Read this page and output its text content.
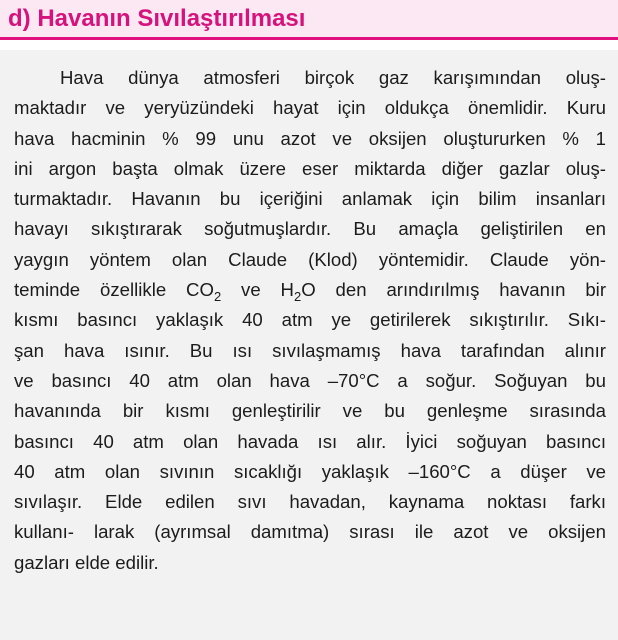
d) Havanın Sıvılaştırılması

Hava dünya atmosferi birçok gaz karışımından oluş-
maktadır ve yeryüzündeki hayat için oldukça önemlidir. Kuru
hava hacminin % 99 unu azot ve oksijen oluştururken % 1
ini argon başta olmak üzere eser miktarda diğer gazlar oluş-
turmaktadır. Havanın bu içeriğini anlamak için bilim insanları
havayı sıkıştırarak soğutmuşlardır. Bu amaçla geliştirilen en
yaygın yöntem olan Claude (Klod) yöntemidir. Claude yön-
teminde özellikle $CO_2$ ve $H_2O$ den arındırılmış havanın bir
kısmı basıncı yaklaşık 40 atm ye getirilerek sıkıştırılır. Sıkı-
şan hava ısınır. Bu ısı sıvılaşmamış hava tarafından alınır
ve basıncı 40 atm olan hava –70°C a soğur. Soğuyan bu
havanında bir kısmı genleştirilir ve bu genleşme sırasında
basıncı 40 atm olan havada ısı alır. İyici soğuyan basıncı
40 atm olan sıvının sıcaklığı yaklaşık –160°C a düşer ve
sıvılaşır. Elde edilen sıvı havadan, kaynama noktası farkı
kullanı- larak (ayrımsal damıtma) sırası ile azot ve oksijen
gazları elde edilir.
